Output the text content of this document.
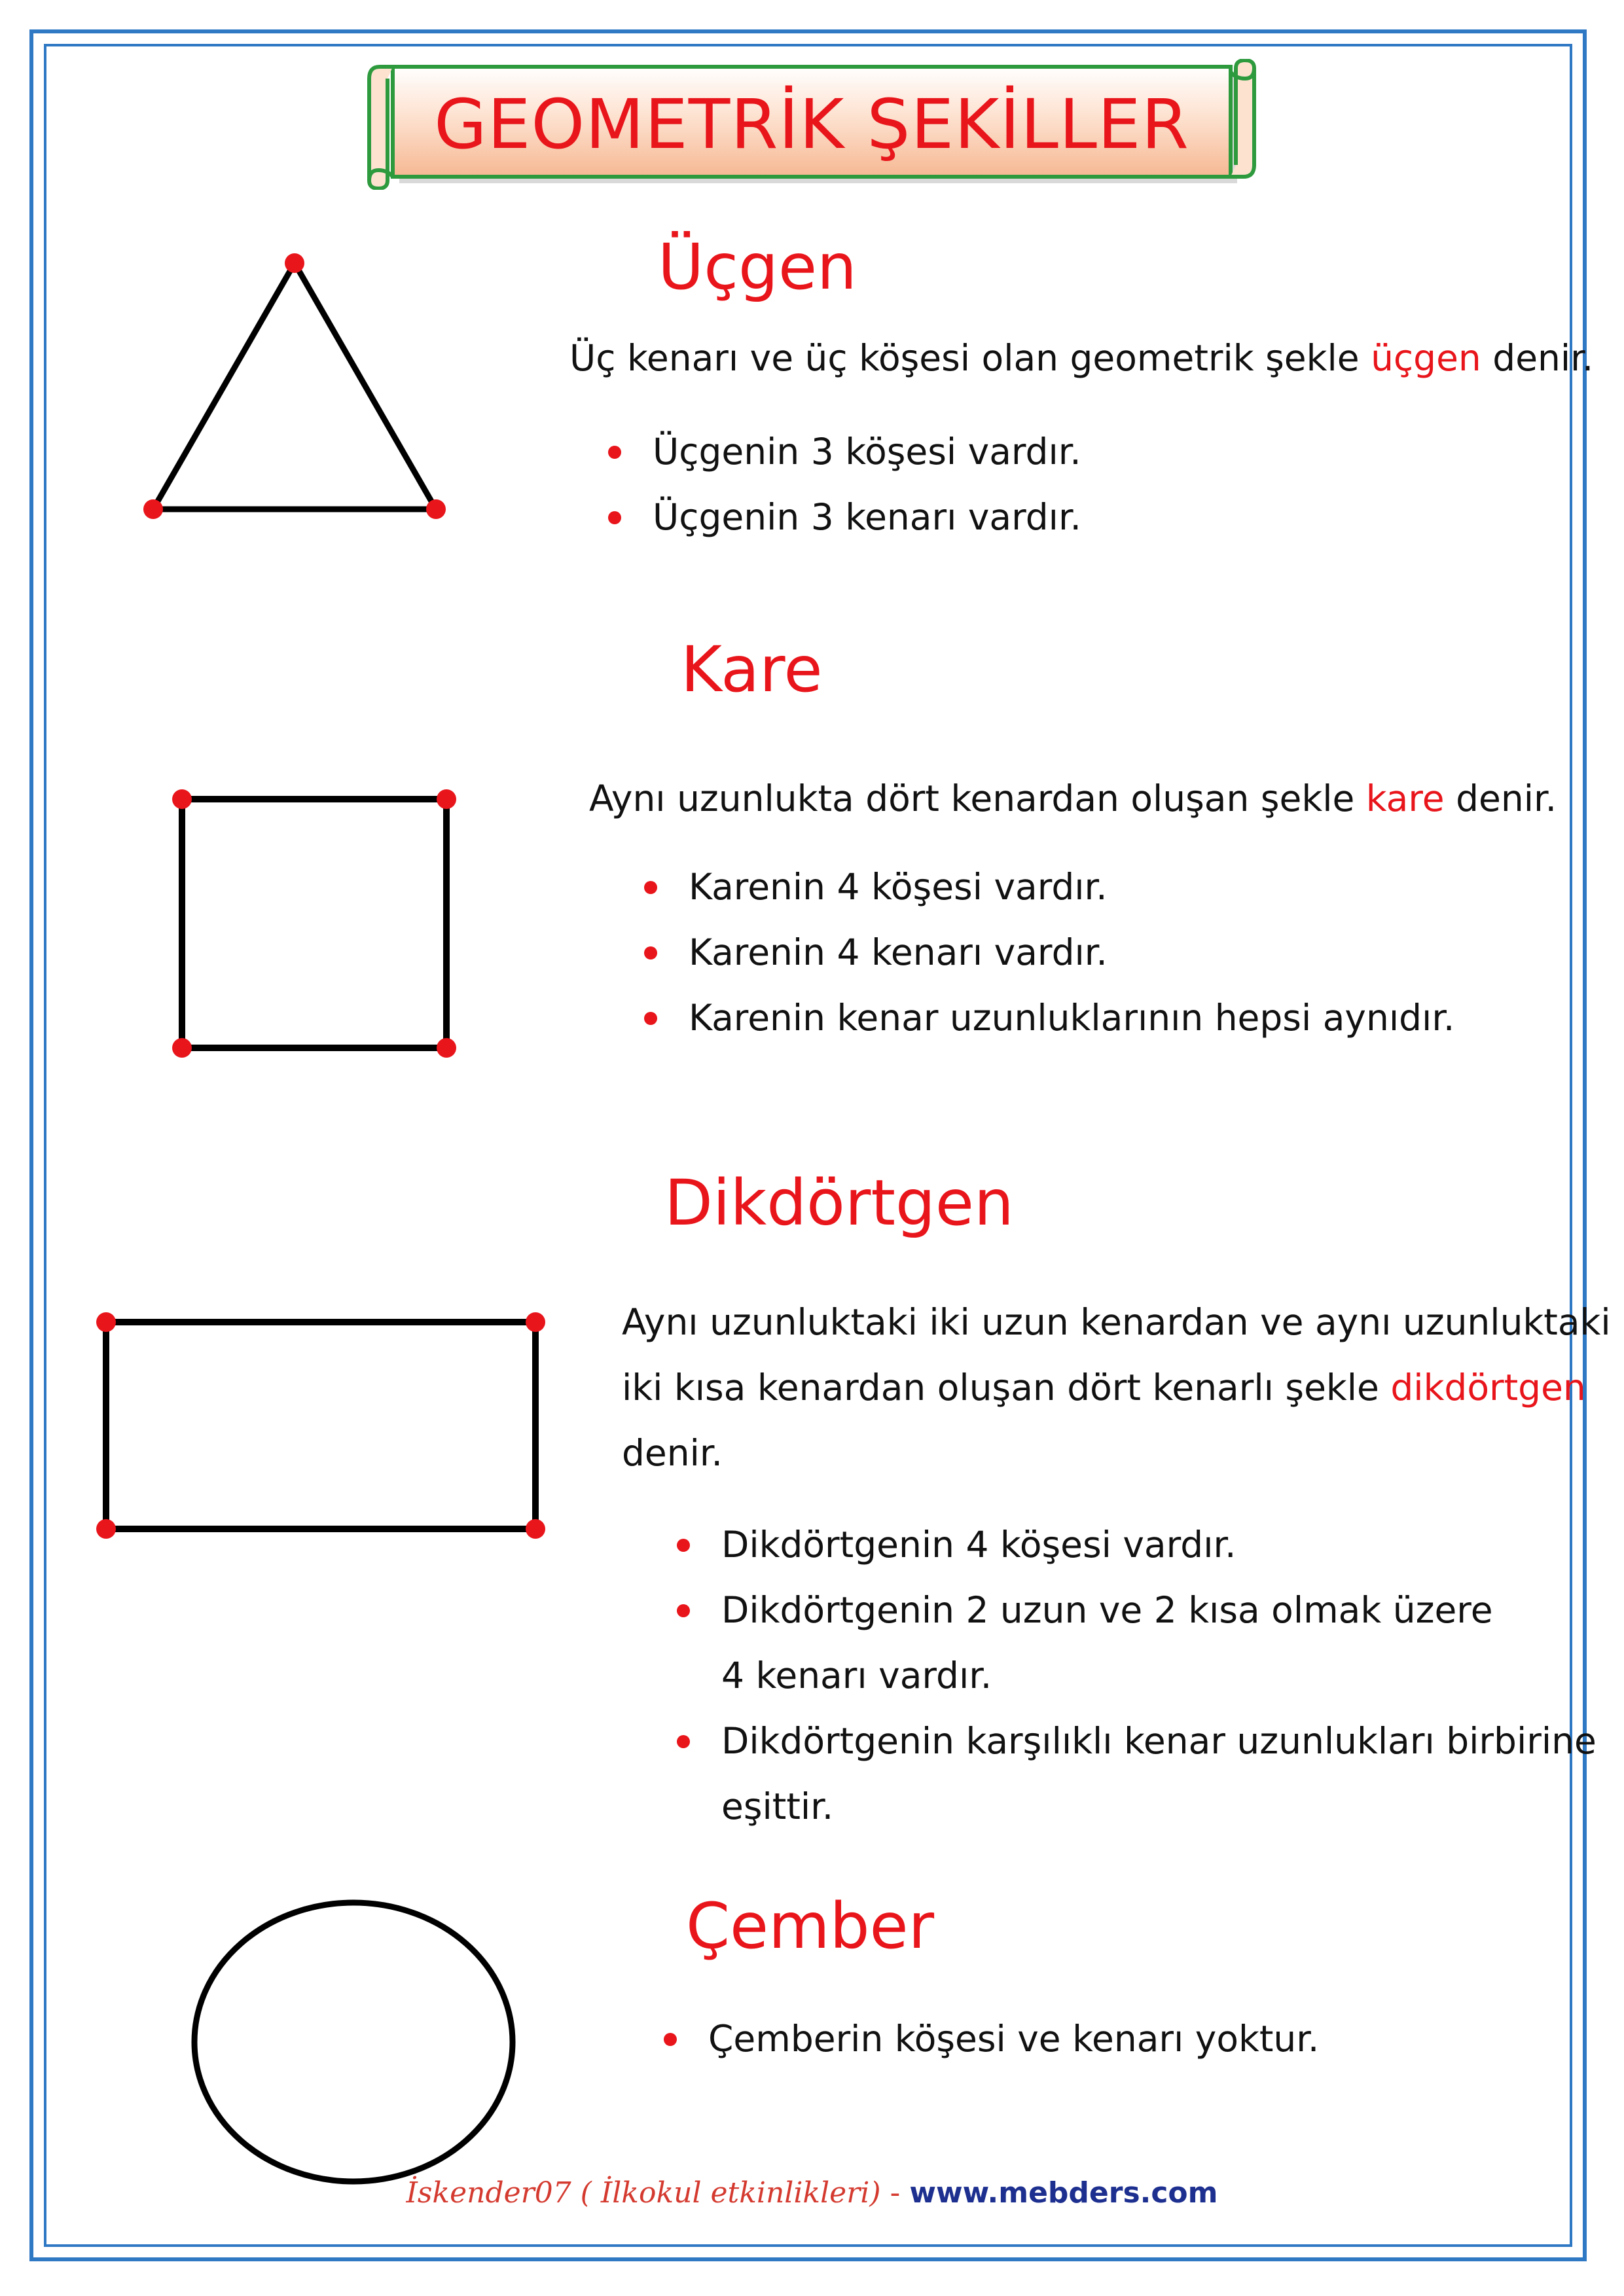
GEOMETRİK ŞEKİLLER
Üçgen
Üç kenarı ve üç köşesi olan geometrik şekle üçgen denir.
Üçgenin 3 köşesi vardır.
Üçgenin 3 kenarı vardır.
Kare
Aynı uzunlukta dört kenardan oluşan şekle kare denir.
Karenin 4 köşesi vardır.
Karenin 4 kenarı vardır.
Karenin kenar uzunluklarının hepsi aynıdır.
Dikdörtgen
Aynı uzunluktaki iki uzun kenardan ve aynı uzunluktaki
iki kısa kenardan oluşan dört kenarlı şekle dikdörtgen
denir.
Dikdörtgenin 4 köşesi vardır.
Dikdörtgenin 2 uzun ve 2 kısa olmak üzere
4 kenarı vardır.
Dikdörtgenin karşılıklı kenar uzunlukları birbirine
eşittir.
Çember
Çemberin köşesi ve kenarı yoktur.
İskender07 ( İlkokul etkinlikleri) - www.mebders.com
